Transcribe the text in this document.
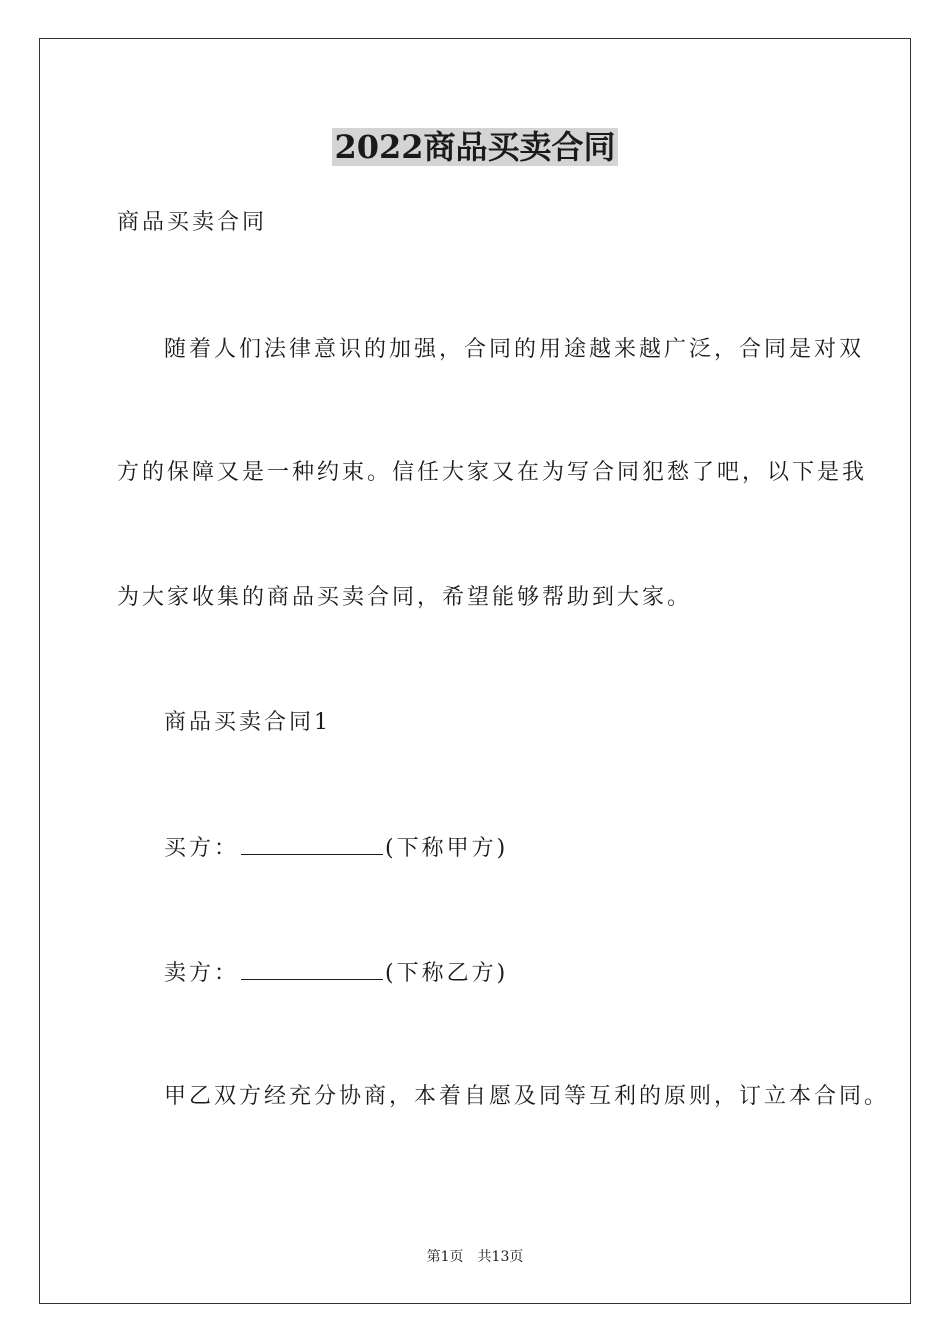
2022商品买卖合同
商品买卖合同
随着人们法律意识的加强，合同的用途越来越广泛，合同是对双
方的保障又是一种约束。信任大家又在为写合同犯愁了吧，以下是我
为大家收集的商品买卖合同，希望能够帮助到大家。
商品买卖合同1
买方：	(下称甲方)
卖方：	(下称乙方)
甲乙双方经充分协商，本着自愿及同等互利的原则，订立本合同。
第1页 共13页
